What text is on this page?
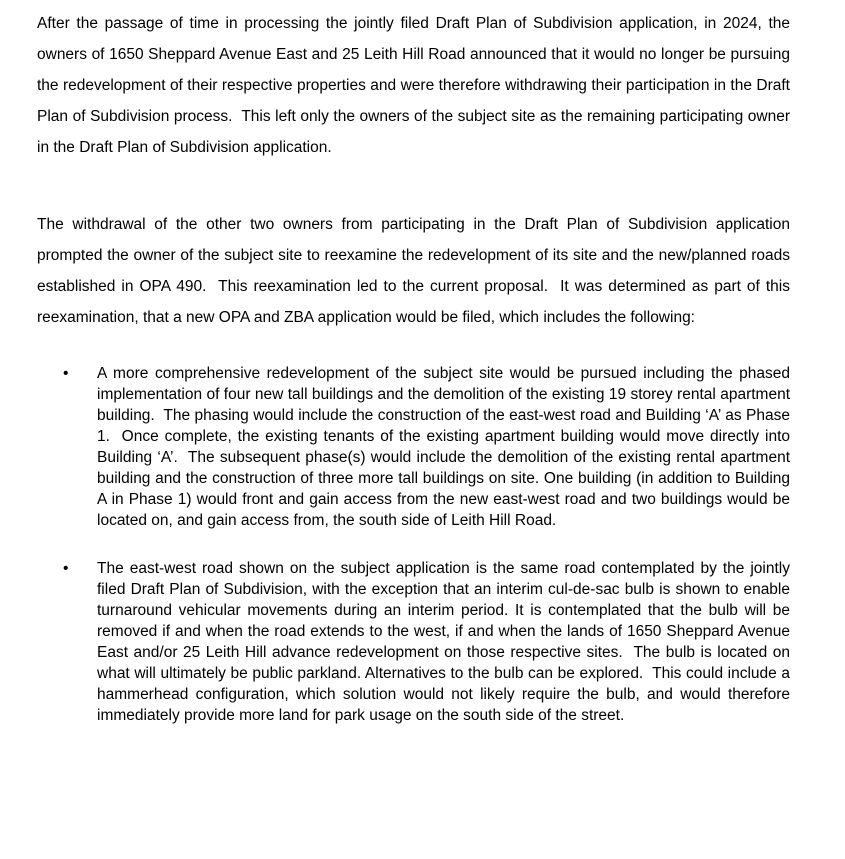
After the passage of time in processing the jointly filed Draft Plan of Subdivision application, in 2024, the owners of 1650 Sheppard Avenue East and 25 Leith Hill Road announced that it would no longer be pursuing the redevelopment of their respective properties and were therefore withdrawing their participation in the Draft Plan of Subdivision process.  This left only the owners of the subject site as the remaining participating owner in the Draft Plan of Subdivision application.

The withdrawal of the other two owners from participating in the Draft Plan of Subdivision application prompted the owner of the subject site to reexamine the redevelopment of its site and the new/planned roads established in OPA 490.  This reexamination led to the current proposal.  It was determined as part of this reexamination, that a new OPA and ZBA application would be filed, which includes the following:

• A more comprehensive redevelopment of the subject site would be pursued including the phased implementation of four new tall buildings and the demolition of the existing 19 storey rental apartment building.  The phasing would include the construction of the east-west road and Building ‘A’ as Phase 1.  Once complete, the existing tenants of the existing apartment building would move directly into Building ‘A’.  The subsequent phase(s) would include the demolition of the existing rental apartment building and the construction of three more tall buildings on site. One building (in addition to Building A in Phase 1) would front and gain access from the new east-west road and two buildings would be located on, and gain access from, the south side of Leith Hill Road.
• The east-west road shown on the subject application is the same road contemplated by the jointly filed Draft Plan of Subdivision, with the exception that an interim cul-de-sac bulb is shown to enable turnaround vehicular movements during an interim period. It is contemplated that the bulb will be removed if and when the road extends to the west, if and when the lands of 1650 Sheppard Avenue East and/or 25 Leith Hill advance redevelopment on those respective sites.  The bulb is located on what will ultimately be public parkland. Alternatives to the bulb can be explored.  This could include a hammerhead configuration, which solution would not likely require the bulb, and would therefore immediately provide more land for park usage on the south side of the street.
